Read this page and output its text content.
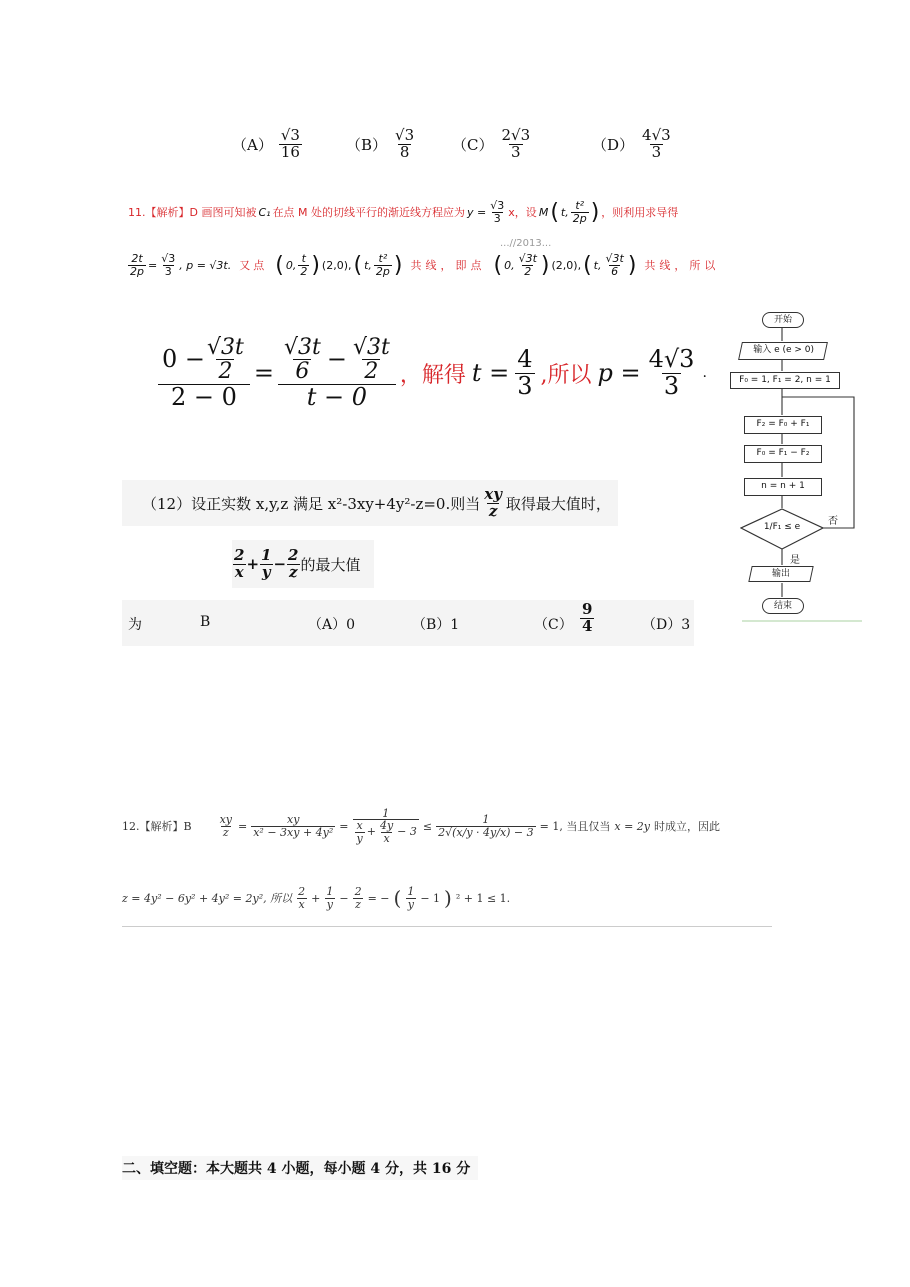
$(A) \frac{√3}{16}$	$(B) \frac{√3}{8} (C) \frac{2√3}{3}$	$(D) \frac{4√3}{3}$
11.【解析】D 画图可知被 C₁ 在点 M 处的切线平行的渐近线方程应为 $y = \frac{√3}{3}$ x，设 M ( t, $\frac{\text{t²}}{2p}$ ) ，则利用求导得
$\frac{2t}{2p} = \frac{√3}{3}$ , p = √3t. 又点 ( 0, $\frac{t}{2}$ ) (2,0), ( t, $\frac{\text{t²}}{2p}$ ) 共线，即点 ( 0, $\frac{√3t}{2}$ ) (2,0), ( t, $\frac{√3t}{6}$ ) 共线，所以
...//2013...
$\frac{0 - \frac{√3t}{2}}{2 - 0} = \frac{\frac{√3t}{6} - \frac{√3t}{2}}{t - 0}$ ，解得 $t = \frac{4}{3}$ ,所以 $p = \frac{4√3}{3}$ .
开始
输入 e (e > 0)
F₀ = 1, F₁ = 2, n = 1
F₂ = F₀ + F₁
F₀ = F₁ − F₂
n = n + 1
1/F₁ ≤ e	否
是
输出
结束
（12）设正实数 x,y,z 满足 x²-3xy+4y²-z=0.则当 $\frac{xy}{z}$ 取得最大值时，
$\frac{2}{x} + \frac{1}{y} - \frac{2}{z}$ 的最大值
为	B	（A）0	（B）1	$(C) \frac{9}{4}$	（D）3
12.【解析】B $\frac{xy}{z} = \frac{xy}{\text{x² − 3xy + 4y²}} = \frac{1}{\frac{x}{y} + \frac{4y}{x} - 3} \le \frac{1}{2√(x/y \cdot 4y/x) - 3} = 1$, 当且仅当 x = 2y 时成立，因此
z = 4y² − 6y² + 4y² = 2y², 所以 $\frac{2}{x} + \frac{1}{y} - \frac{2}{z}$ = − ( $\frac{1}{y} - 1$ ) ² + 1 ≤ 1.
二、填空题：本大题共 4 小题，每小题 4 分，共 16 分
